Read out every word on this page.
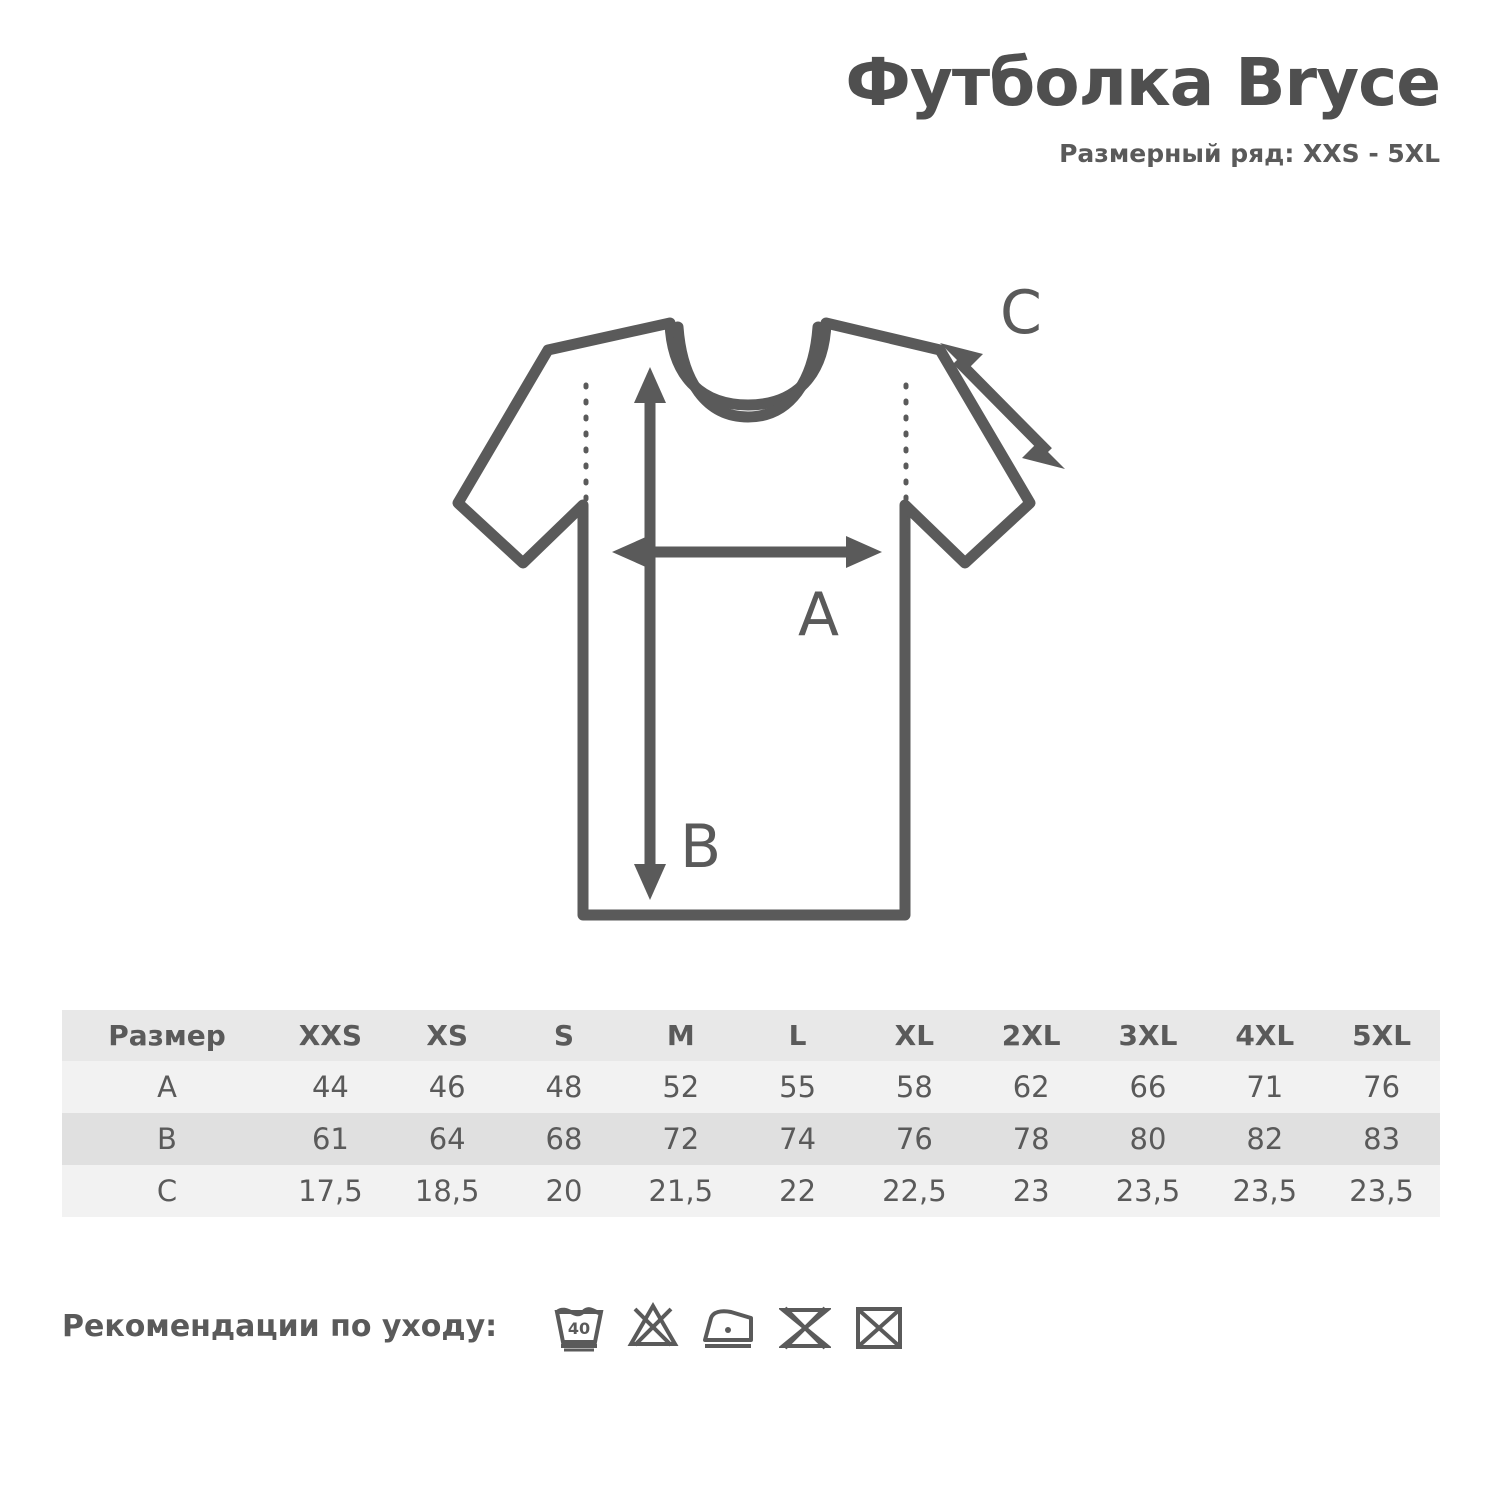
Футболка Bryce
Размерный ряд: XXS - 5XL
A
B
C
Размер	XXS	XS	S	M	L	XL	2XL	3XL	4XL	5XL
A	44	46	48	52	55	58	62	66	71	76
B	61	64	68	72	74	76	78	80	82	83
C	17,5	18,5	20	21,5	22	22,5	23	23,5	23,5	23,5
Рекомендации по уходу:	40
